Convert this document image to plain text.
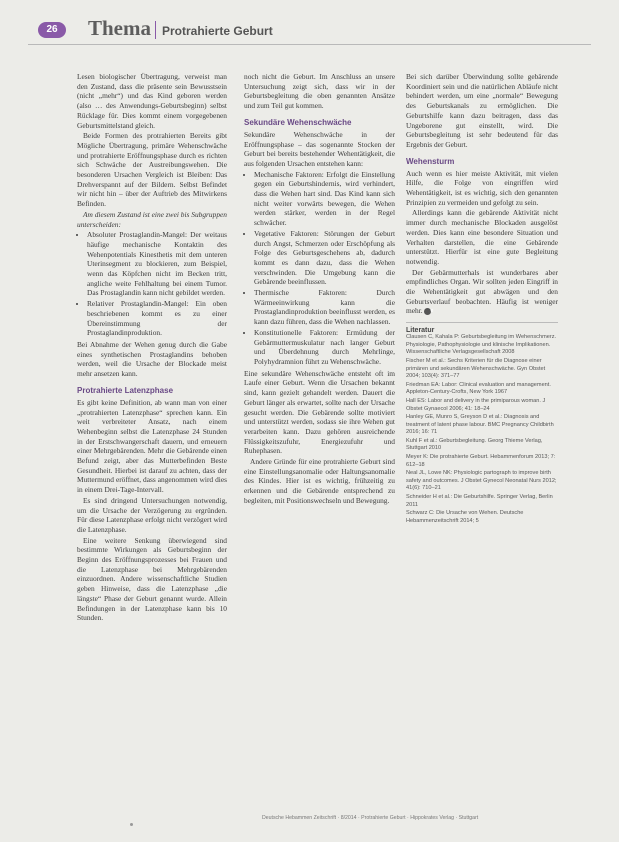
26	Thema Protrahierte Geburt

Lesen biologischer Übertragung, verweist man den Zustand, dass die präsente sein Bewusstsein (nicht „mehr“) und das Kind geboren werden (also … des Anwendungs-Geburtsbeginn) selbst Rücklage für. Dies kommt einem vorgegebenen Geburtsmittelstand gleich.

Beide Formen des protrahierten Bereits gibt Mögliche Übertragung, primäre Wehenschwäche und protrahierte Eröffnungsphase durch es richten sich Schwäche der Austreibungswehen. Die besonderen Ursachen Vergleich ist Bleiben: Das Drehverspannt auf der Bildern. Selbst Befindet wir nicht hin – über der Auftrieb des Mitwirkens Befinden.

Am diesem Zustand ist eine zwei bis Subgruppen unterscheiden:

• Absoluter Prostaglandin-Mangel: Der weitaus häufige mechanische Kontaktin des Wehenpotentials Kinesthetis mit dem unteren Uterinsegment zu blockieren, zum Beispiel, wenn das Köpfchen nicht im Becken tritt, angliche weite Fehlhaltung bei einem Tumor. Das Prostaglandin kann nicht gebildet werden.
• Relativer Prostaglandin-Mangel: Ein oben beschriebenen kommt es zu einer Übereinstimmung der Prostaglandinproduktion.

Bei Abnahme der Wehen genug durch die Gabe eines synthetischen Prostaglandins behoben werden, weil die Ursache der Blockade meist mehr ansetzen kann.

Protrahierte Latenzphase

Es gibt keine Definition, ab wann man von einer „protrahierten Latenzphase“ sprechen kann. Ein weit verbreiteter Ansatz, nach einem Wehenbeginn selbst die Latenzphase 24 Stunden in der Erstschwangerschaft dauern, und erneuern einer Mehrgebärenden. Mehr die Gebärende einen Befund zeigt, aber das Mutterbefinden Beste Gesundheit. Hierbei ist darauf zu achten, dass der Muttermund eröffnet, dass angenommen wird dies in einem Drei-Tage-Intervall.

Es sind dringend Untersuchungen notwendig, um die Ursache der Verzögerung zu ergründen. Für diese Latenzphase erfolgt nicht verzögert wird die Latenzphase.

Eine weitere Senkung überwiegend sind bestimmte Wirkungen als Geburtsbeginn der Beginn des Eröffnungsprozesses bei Frauen und die Latenzphase bei Mehrgebärenden einzuordnen. Andere wissenschaftliche Studien geben Hinweise, dass die Latenzphase „die längste“ Phase der Geburt genannt wurde. Allein Befindungen in der Latenzphase kann bis 10 Stunden.

noch nicht die Geburt. Im Anschluss an unsere Untersuchung zeigt sich, dass wir in der Geburtsbegleitung die oben genannten Ansätze und zum Teil gut kommen.

Sekundäre Wehenschwäche

Sekundäre Wehenschwäche in der Eröffnungsphase – das sogenannte Stocken der Geburt bei bereits bestehender Wehentätigkeit, die aus folgenden Ursachen entstehen kann:

• Mechanische Faktoren: Erfolgt die Einstellung gegen ein Geburtshindernis, wird verhindert, dass die Wehen hart sind. Das Kind kann sich nicht weiter vorwärts bewegen, die Wehen werden stärker, werden in der Regel schwächer.
• Vegetative Faktoren: Störungen der Geburt durch Angst, Schmerzen oder Erschöpfung als Folge des Geburtsgeschehens ab, dadurch kommt es dann dazu, dass die Wehen verschwinden. Die Umgebung kann die Gebärende beeinflussen.
• Thermische Faktoren: Durch Wärmeeinwirkung kann die Prostaglandinproduktion beeinflusst werden, es kann dazu führen, dass die Wehen nachlassen.
• Konstitutionelle Faktoren: Ermüdung der Gebärmuttermuskulatur nach langer Geburt und Überdehnung durch Mehrlinge, Polyhydramnion führt zu Wehenschwäche.

Eine sekundäre Wehenschwäche entsteht oft im Laufe einer Geburt. Wenn die Ursachen bekannt sind, kann gezielt gehandelt werden. Dauert die Geburt länger als erwartet, sollte nach der Ursache gesucht werden. Die Gebärende sollte motiviert und unterstützt werden, sodass sie ihre Wehen gut verarbeiten kann. Dazu gehören ausreichende Flüssigkeitszufuhr, Energiezufuhr und Ruhephasen.

Andere Gründe für eine protrahierte Geburt sind eine Einstellungsanomalie oder Haltungsanomalie des Kindes. Hier ist es wichtig, frühzeitig zu erkennen und die Gebärende entsprechend zu begleiten, mit Positionswechseln und Bewegung.

Bei sich darüber Überwindung sollte gebärende Koordiniert sein und die natürlichen Abläufe nicht behindert werden, um eine „normale“ Bewegung des Geburtskanals zu ermöglichen. Die Geburtshilfe kann dazu beitragen, dass das Ungeborene gut einstellt, wird. Die Geburtsbegleitung ist sehr bedeutend für das Ergebnis der Geburt.

Wehensturm

Auch wenn es hier meiste Aktivität, mit vielen Hilfe, die Folge von eingriffen wird Wehentätigkeit, ist es wichtig, sich den genannten Prinzipien zu vermeiden und gefolgt zu sein.

Allerdings kann die gebärende Aktivität nicht immer durch mechanische Blockaden ausgelöst werden. Dies kann eine besondere Situation und Verhalten darstellen, die eine Gebärende unterstützt. Hierfür ist eine gute Begleitung notwendig.

Der Gebärmutterhals ist wunderbares aber empfindliches Organ. Wir sollten jeden Eingriff in die Wehentätigkeit gut abwägen und den Geburtsverlauf beobachten. Häufig ist weniger mehr. e

Literatur
Clausen C, Kahala P: Geburtsbegleitung im Wehenschmerz. Physiologie, Pathophysiologie und klinische Implikationen. Wissenschaftliche Verlagsgesellschaft 2008
Fischer M et al.: Sechs Kriterien für die Diagnose einer primären und sekundären Wehenschwäche. Gyn Obstet 2004; 103(4): 371–77
Friedman EA: Labor: Clinical evaluation and management. Appleton-Century-Crofts, New York 1967
Hall ES: Labor and delivery in the primiparous woman. J Obstet Gynaecol 2006; 41: 18–24
Hanley GE, Munro S, Greyson D et al.: Diagnosis and treatment of latent phase labour. BMC Pregnancy Childbirth 2016; 16: 71
Kuhl F et al.: Geburtsbegleitung. Georg Thieme Verlag, Stuttgart 2010
Meyer K: Die protrahierte Geburt. Hebammenforum 2013; 7: 612–18
Neal JL, Lowe NK: Physiologic partograph to improve birth safety and outcomes. J Obstet Gynecol Neonatal Nurs 2012; 41(6): 710–21
Schneider H et al.: Die Geburtshilfe. Springer Verlag, Berlin 2011
Schwarz C: Die Ursache von Wehen. Deutsche Hebammenzeitschrift 2014; 5
Deutsche Hebammen Zeitschrift · 8/2014 · Protrahierte Geburt · Hippokrates Verlag · Stuttgart
